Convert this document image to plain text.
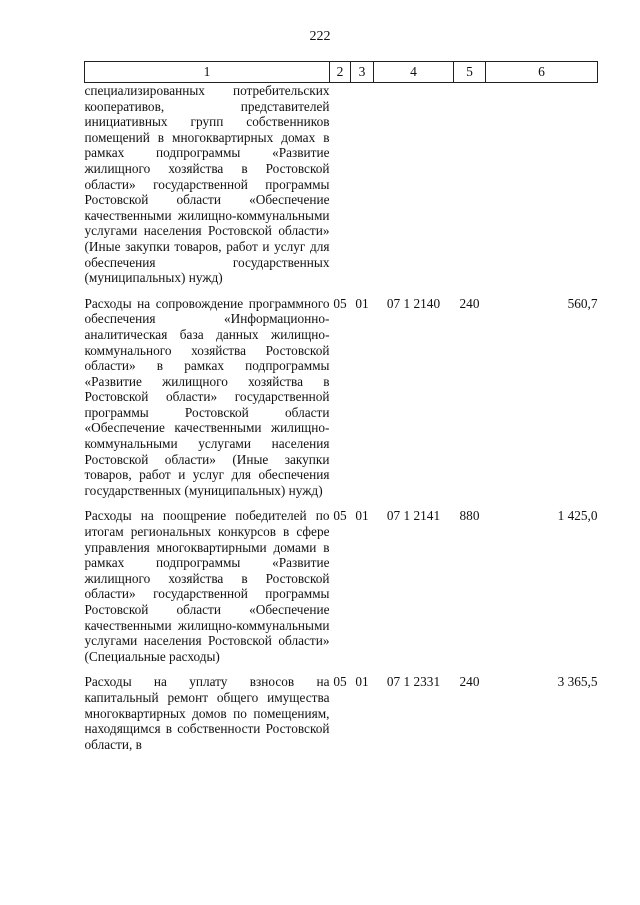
222
1	2	3	4	5	6
специализированных потребительских кооперативов, представителей инициативных групп собственников помещений в многоквартирных домах в рамках подпрограммы «Развитие жилищного хозяйства в Ростовской области» государственной программы Ростовской области «Обеспечение качественными жилищно-коммунальными услугами населения Ростовской области» (Иные закупки товаров, работ и услуг для обеспечения государственных (муниципальных) нужд)					
Расходы на сопровождение программного обеспечения «Информационно-аналитическая база данных жилищно-коммунального хозяйства Ростовской области» в рамках подпрограммы «Развитие жилищного хозяйства в Ростовской области» государственной программы Ростовской области «Обеспечение качественными жилищно-коммунальными услугами населения Ростовской области» (Иные закупки товаров, работ и услуг для обеспечения государственных (муниципальных) нужд)	05	01	07 1 2140	240	560,7
Расходы на поощрение победителей по итогам региональных конкурсов в сфере управления многоквартирными домами в рамках подпрограммы «Развитие жилищного хозяйства в Ростовской области» государственной программы Ростовской области «Обеспечение качественными жилищно-коммунальными услугами населения Ростовской области» (Специальные расходы)	05	01	07 1 2141	880	1 425,0
Расходы на уплату взносов на капитальный ремонт общего имущества многоквартирных домов по помещениям, находящимся в собственности Ростовской области, в	05	01	07 1 2331	240	3 365,5
